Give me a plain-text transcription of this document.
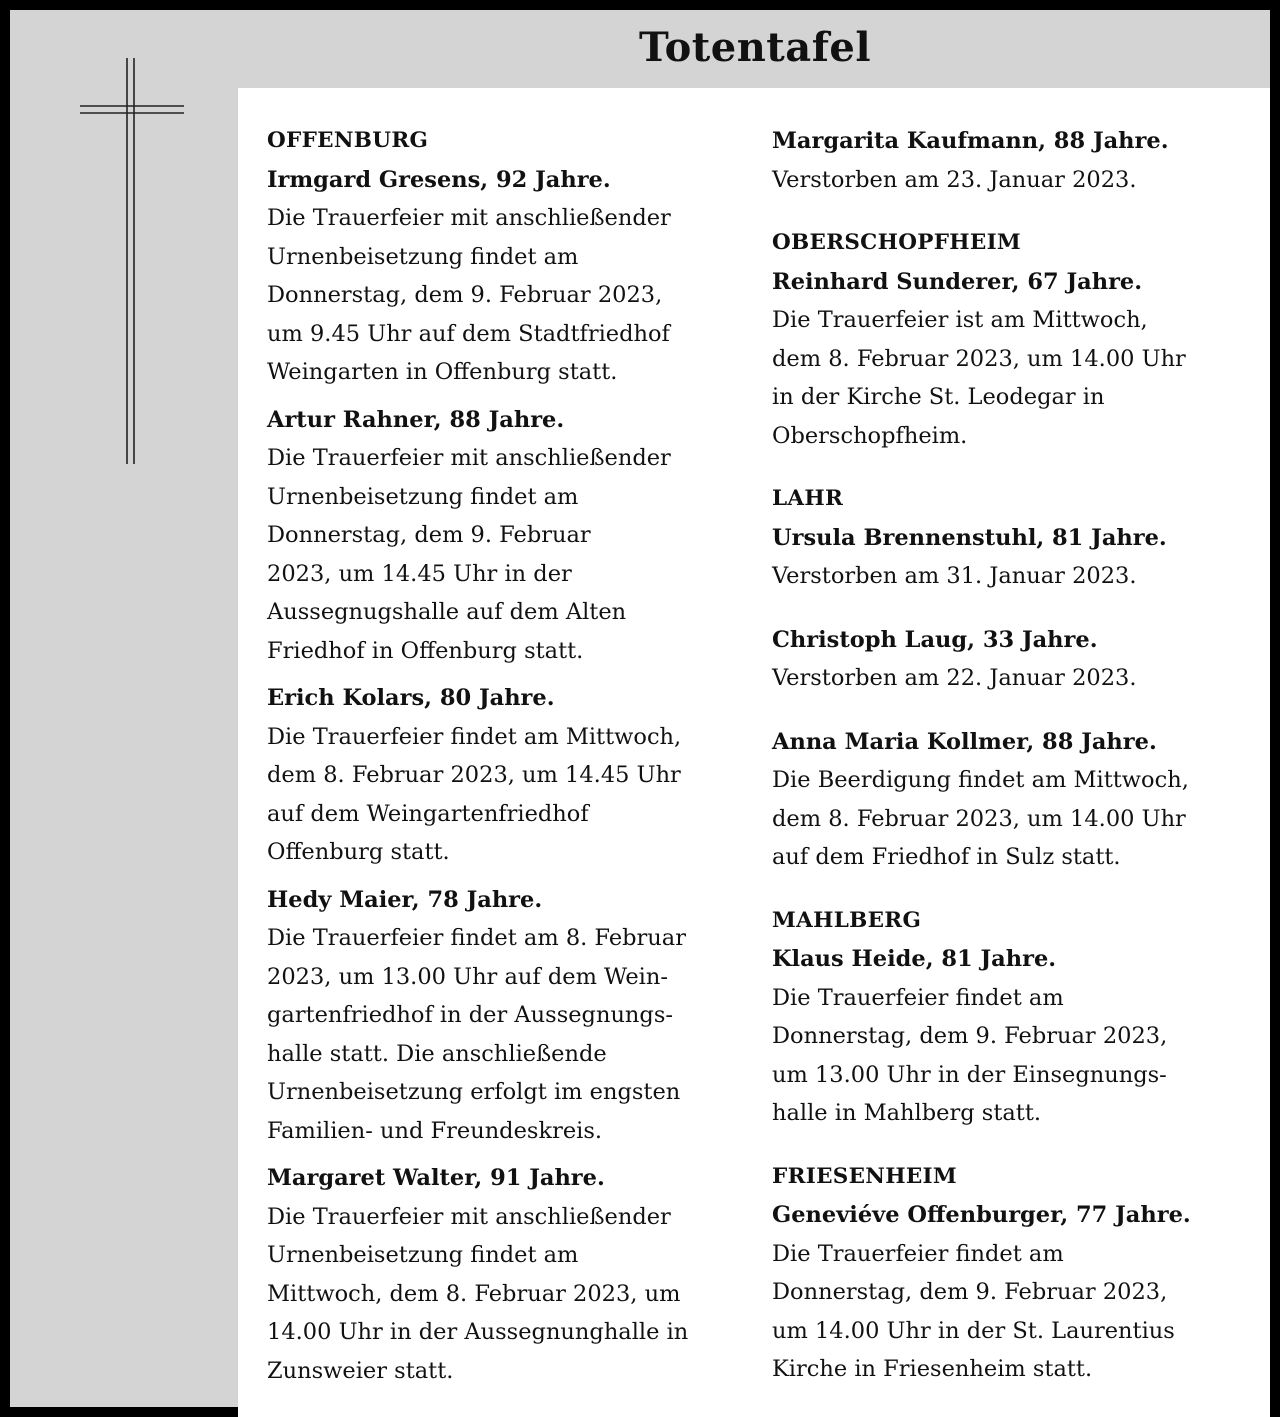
Totentafel
OFFENBURG
Irmgard Gresens, 92 Jahre.
Die Trauerfeier mit anschließender
Urnenbeisetzung findet am
Donnerstag, dem 9. Februar 2023,
um 9.45 Uhr auf dem Stadtfriedhof
Weingarten in Offenburg statt.
Artur Rahner, 88 Jahre.
Die Trauerfeier mit anschließender
Urnenbeisetzung findet am
Donnerstag, dem 9. Februar
2023, um 14.45 Uhr in der
Aussegnugshalle auf dem Alten
Friedhof in Offenburg statt.
Erich Kolars, 80 Jahre.
Die Trauerfeier findet am Mittwoch,
dem 8. Februar 2023, um 14.45 Uhr
auf dem Weingartenfriedhof
Offenburg statt.
Hedy Maier, 78 Jahre.
Die Trauerfeier findet am 8. Februar
2023, um 13.00 Uhr auf dem Wein-
gartenfriedhof in der Aussegnungs-
halle statt. Die anschließende
Urnenbeisetzung erfolgt im engsten
Familien- und Freundeskreis.
Margaret Walter, 91 Jahre.
Die Trauerfeier mit anschließender
Urnenbeisetzung findet am
Mittwoch, dem 8. Februar 2023, um
14.00 Uhr in der Aussegnunghalle in
Zunsweier statt.
Margarita Kaufmann, 88 Jahre.
Verstorben am 23. Januar 2023.
OBERSCHOPFHEIM
Reinhard Sunderer, 67 Jahre.
Die Trauerfeier ist am Mittwoch,
dem 8. Februar 2023, um 14.00 Uhr
in der Kirche St. Leodegar in
Oberschopfheim.
LAHR
Ursula Brennenstuhl, 81 Jahre.
Verstorben am 31. Januar 2023.
Christoph Laug, 33 Jahre.
Verstorben am 22. Januar 2023.
Anna Maria Kollmer, 88 Jahre.
Die Beerdigung findet am Mittwoch,
dem 8. Februar 2023, um 14.00 Uhr
auf dem Friedhof in Sulz statt.
MAHLBERG
Klaus Heide, 81 Jahre.
Die Trauerfeier findet am
Donnerstag, dem 9. Februar 2023,
um 13.00 Uhr in der Einsegnungs-
halle in Mahlberg statt.
FRIESENHEIM
Geneviéve Offenburger, 77 Jahre.
Die Trauerfeier findet am
Donnerstag, dem 9. Februar 2023,
um 14.00 Uhr in der St. Laurentius
Kirche in Friesenheim statt.
